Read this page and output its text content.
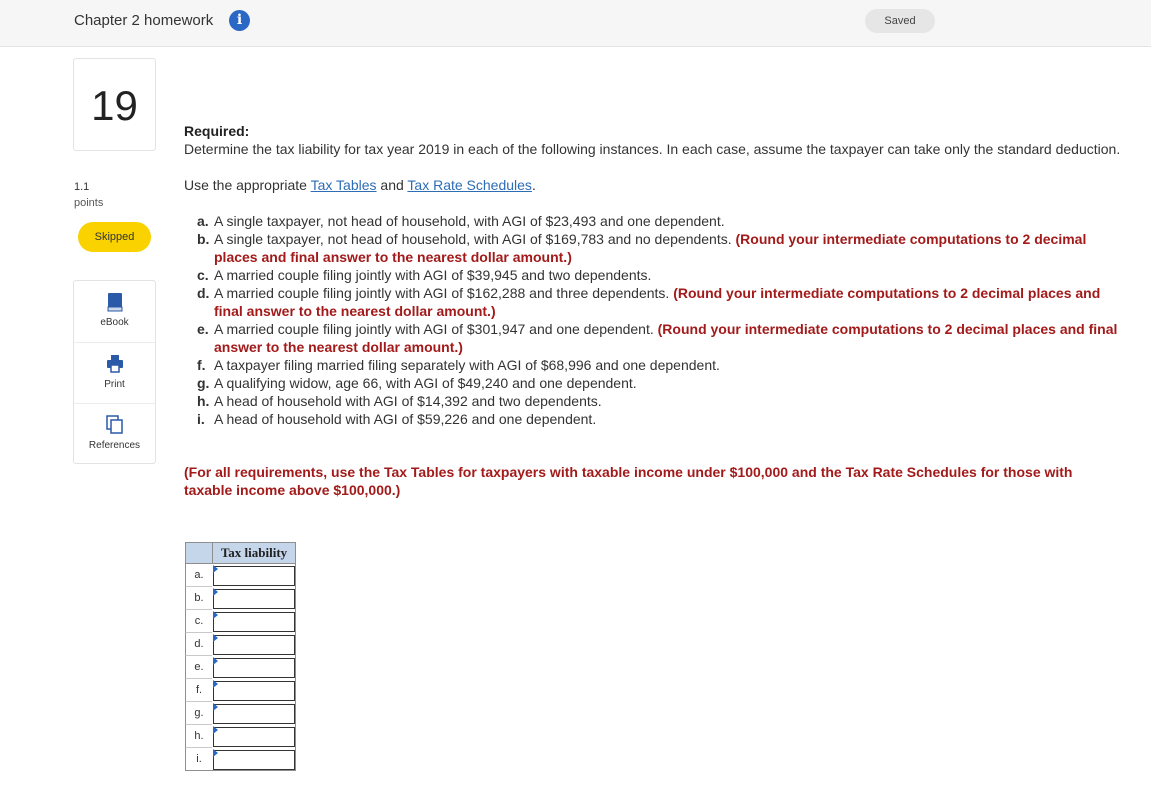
Chapter 2 homework	i	Saved
19
1.1
points
Skipped
eBook
Print
References
Required:

Determine the tax liability for tax year 2019 in each of the following instances. In each case, assume the taxpayer can take only the standard deduction.

Use the appropriate Tax Tables and Tax Rate Schedules.
a. A single taxpayer, not head of household, with AGI of $23,493 and one dependent.
b. A single taxpayer, not head of household, with AGI of $169,783 and no dependents. (Round your intermediate computations to 2 decimal places and final answer to the nearest dollar amount.)
c. A married couple filing jointly with AGI of $39,945 and two dependents.
d. A married couple filing jointly with AGI of $162,288 and three dependents. (Round your intermediate computations to 2 decimal places and final answer to the nearest dollar amount.)
e. A married couple filing jointly with AGI of $301,947 and one dependent. (Round your intermediate computations to 2 decimal places and final answer to the nearest dollar amount.)
f. A taxpayer filing married filing separately with AGI of $68,996 and one dependent.
g. A qualifying widow, age 66, with AGI of $49,240 and one dependent.
h. A head of household with AGI of $14,392 and two dependents.
i. A head of household with AGI of $59,226 and one dependent.
(For all requirements, use the Tax Tables for taxpayers with taxable income under $100,000 and the Tax Rate Schedules for those with taxable income above $100,000.)
	Tax liability
a.	

b.	

c.	

d.	

e.	

f.	

g.	

h.	

i.	
